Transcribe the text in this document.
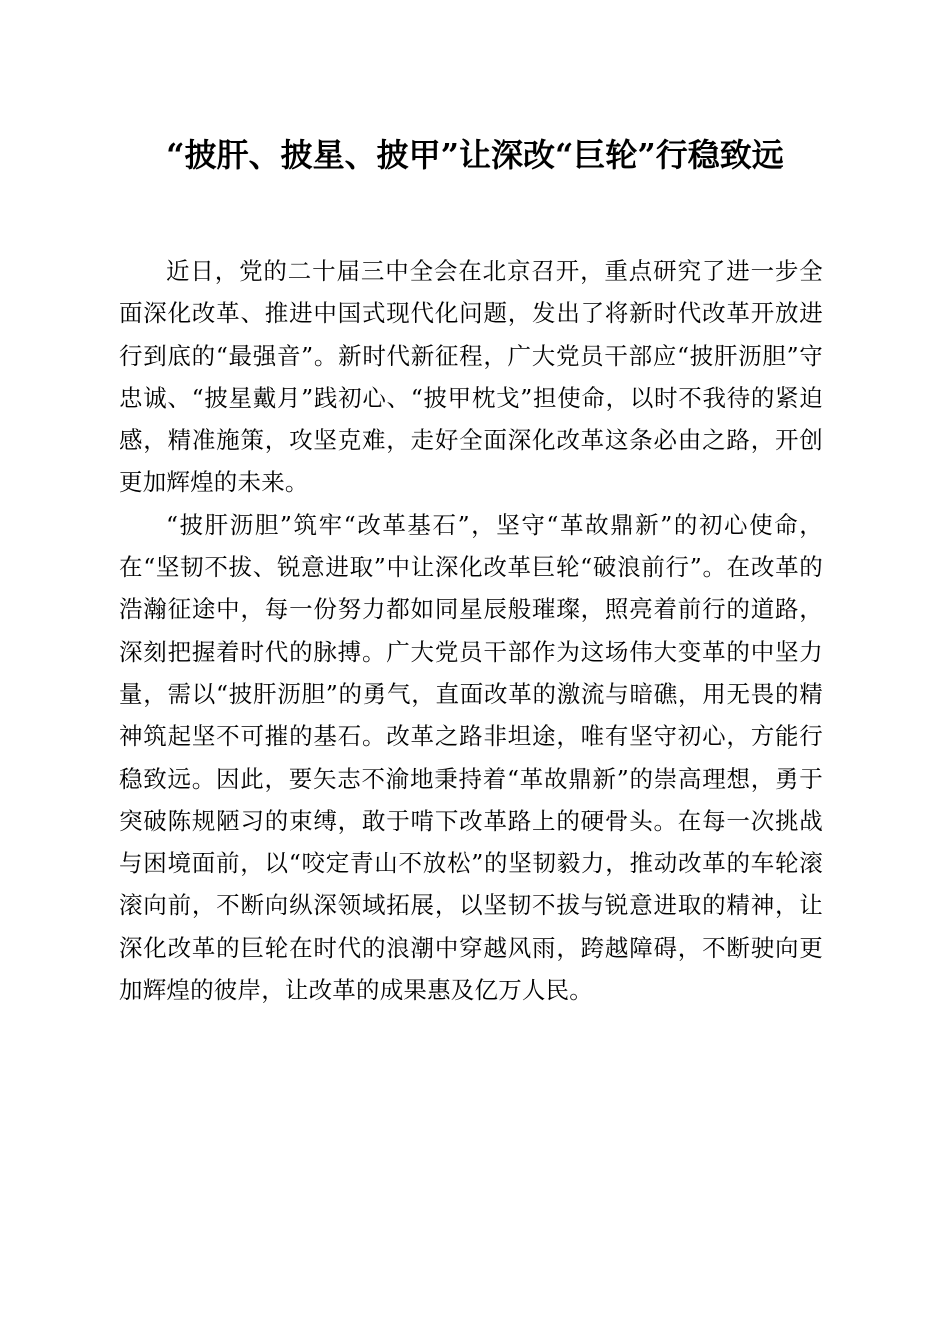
“披肝、披星、披甲”让深改“巨轮”行稳致远

近日，党的二十届三中全会在北京召开，重点研究了进一步全面深化改革、推进中国式现代化问题，发出了将新时代改革开放进行到底的“最强音”。新时代新征程，广大党员干部应“披肝沥胆”守忠诚、“披星戴月”践初心、“披甲枕戈”担使命，以时不我待的紧迫感，精准施策，攻坚克难，走好全面深化改革这条必由之路，开创更加辉煌的未来。

“披肝沥胆”筑牢“改革基石”，坚守“革故鼎新”的初心使命，在“坚韧不拔、锐意进取”中让深化改革巨轮“破浪前行”。在改革的浩瀚征途中，每一份努力都如同星辰般璀璨，照亮着前行的道路，深刻把握着时代的脉搏。广大党员干部作为这场伟大变革的中坚力量，需以“披肝沥胆”的勇气，直面改革的激流与暗礁，用无畏的精神筑起坚不可摧的基石。改革之路非坦途，唯有坚守初心，方能行稳致远。因此，要矢志不渝地秉持着“革故鼎新”的崇高理想，勇于突破陈规陋习的束缚，敢于啃下改革路上的硬骨头。在每一次挑战与困境面前，以“咬定青山不放松”的坚韧毅力，推动改革的车轮滚滚向前，不断向纵深领域拓展，以坚韧不拔与锐意进取的精神，让深化改革的巨轮在时代的浪潮中穿越风雨，跨越障碍，不断驶向更加辉煌的彼岸，让改革的成果惠及亿万人民。
